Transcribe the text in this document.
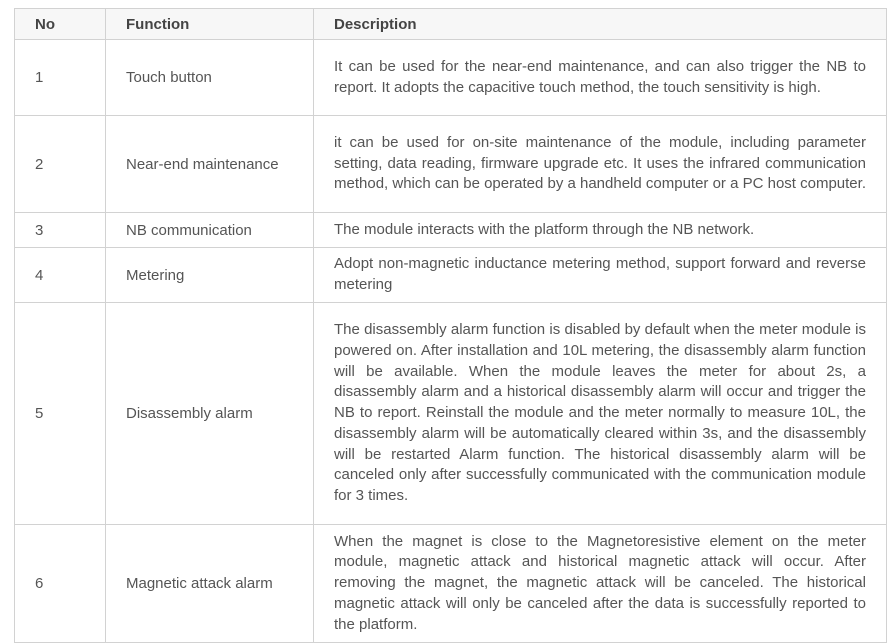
No	Function	Description
1	Touch button	It can be used for the near-end maintenance, and can also trigger the NB to report. It adopts the capacitive touch method, the touch sensitivity is high.
2	Near-end maintenance	it can be used for on-site maintenance of the module, including parameter setting, data reading, firmware upgrade etc. It uses the infrared communication method, which can be operated by a handheld computer or a PC host computer.
3	NB communication	The module interacts with the platform through the NB network.
4	Metering	Adopt non-magnetic inductance metering method, support forward and reverse metering
5	Disassembly alarm	The disassembly alarm function is disabled by default when the meter module is powered on. After installation and 10L metering, the disassembly alarm function will be available. When the module leaves the meter for about 2s, a disassembly alarm and a historical disassembly alarm will occur and trigger the NB to report. Reinstall the module and the meter normally to measure 10L, the disassembly alarm will be automatically cleared within 3s, and the disassembly will be restarted Alarm function. The historical disassembly alarm will be canceled only after successfully communicated with the communication module for 3 times.
6	Magnetic attack alarm	When the magnet is close to the Magnetoresistive element on the meter module, magnetic attack and historical magnetic attack will occur. After removing the magnet, the magnetic attack will be canceled. The historical magnetic attack will only be canceled after the data is successfully reported to the platform.
